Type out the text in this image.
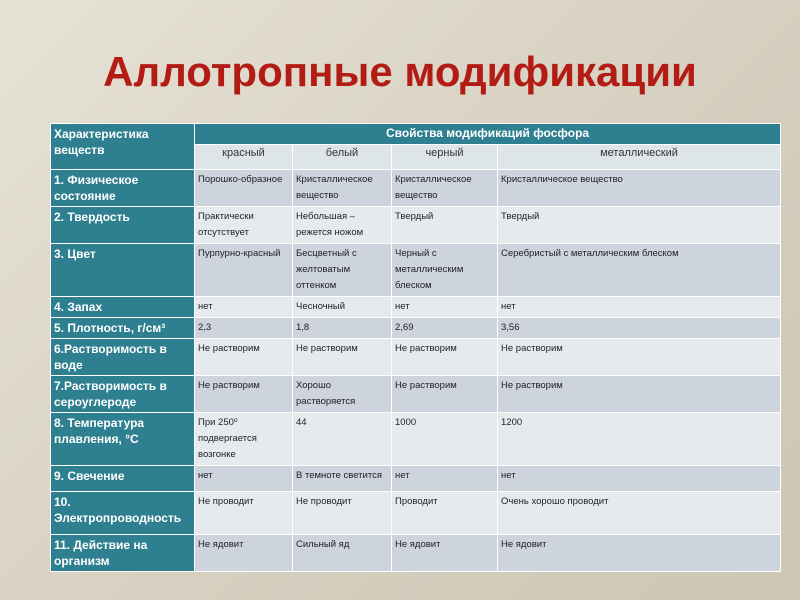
Аллотропные модификации
Характеристика веществ	Свойства модификаций фосфора			
	красный	белый	черный	металлический
1. Физическое состояние	Порошко-образное	Кристаллическое вещество	Кристаллическое вещество	Кристаллическое вещество
2. Твердость	Практически отсутствует	Небольшая – режется ножом	Твердый	Твердый
3. Цвет	Пурпурно-красный	Бесцветный с желтоватым оттенком	Черный с металлическим блеском	Серебристый с металлическим блеском
4. Запах	нет	Чесночный	нет	нет
5. Плотность, г/см³	2,3	1,8	2,69	3,56
6.Растворимость в воде	Не растворим	Не растворим	Не растворим	Не растворим
7.Растворимость в сероуглероде	Не растворим	Хорошо растворяется	Не растворим	Не растворим
8. Температура плавления, °C	При 250⁰ подвергается возгонке	44	1000	1200
9. Свечение	нет	В темноте светится	нет	нет
10. Электропроводность	Не проводит	Не проводит	Проводит	Очень хорошо проводит
11. Действие на организм	Не ядовит	Сильный яд	Не ядовит	Не ядовит
